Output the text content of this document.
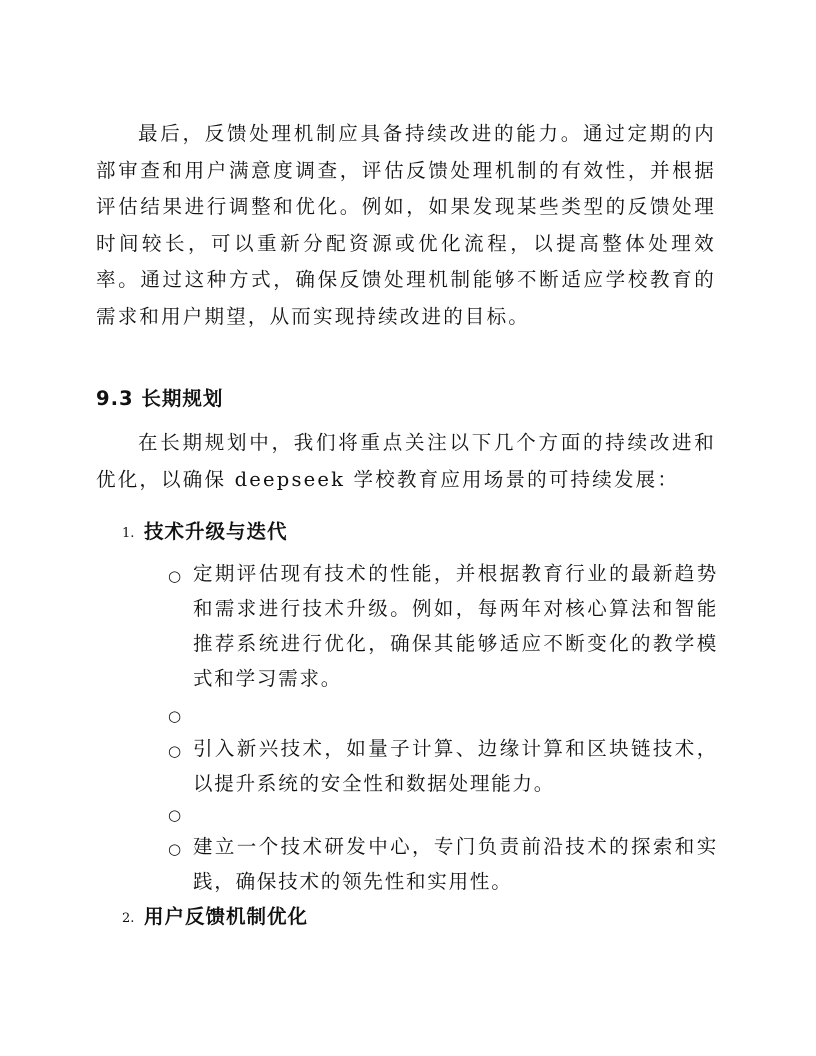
最后，反馈处理机制应具备持续改进的能力。通过定期的内部审查和用户满意度调查，评估反馈处理机制的有效性，并根据评估结果进行调整和优化。例如，如果发现某些类型的反馈处理时间较长，可以重新分配资源或优化流程，以提高整体处理效率。通过这种方式，确保反馈处理机制能够不断适应学校教育的需求和用户期望，从而实现持续改进的目标。

9.3 长期规划

在长期规划中，我们将重点关注以下几个方面的持续改进和优化，以确保 deepseek 学校教育应用场景的可持续发展：

1. 技术升级与迭代
○ 定期评估现有技术的性能，并根据教育行业的最新趋势和需求进行技术升级。例如，每两年对核心算法和智能推荐系统进行优化，确保其能够适应不断变化的教学模式和学习需求。

○

○ 引入新兴技术，如量子计算、边缘计算和区块链技术，以提升系统的安全性和数据处理能力。

○

○ 建立一个技术研发中心，专门负责前沿技术的探索和实践，确保技术的领先性和实用性。

2. 用户反馈机制优化
